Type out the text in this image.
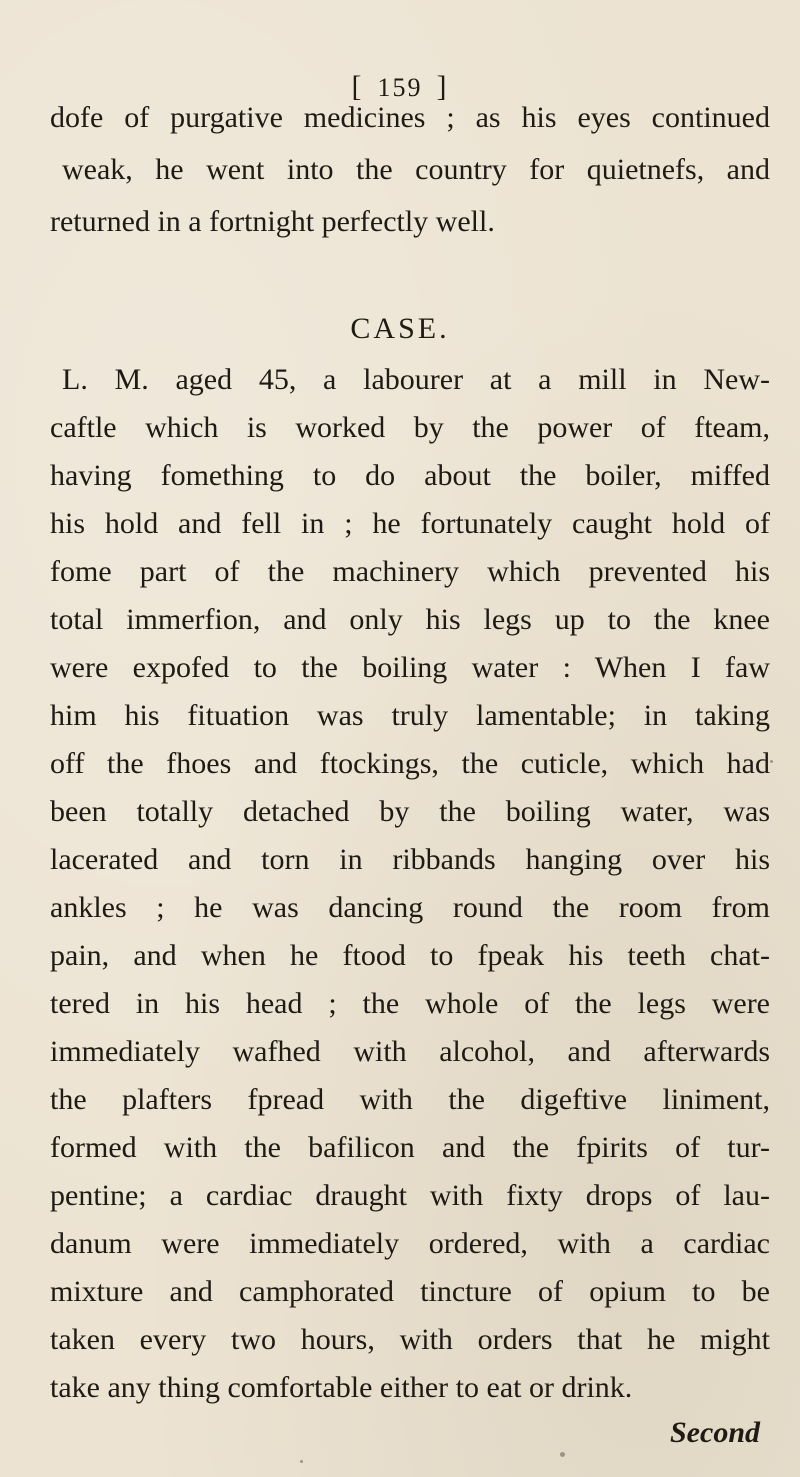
[ 159 ]
dofe of purgative medicines ; as his eyes continued
weak, he went into the country for quietnefs, and
returned in a fortnight perfectly well.
L. M. aged 45, a labourer at a mill in New-
caftle which is worked by the power of fteam,
having fomething to do about the boiler, miffed
his hold and fell in ; he fortunately caught hold of
fome part of the machinery which prevented his
total immerfion, and only his legs up to the knee
were expofed to the boiling water : When I faw
him his fituation was truly lamentable; in taking
off the fhoes and ftockings, the cuticle, which had
been totally detached by the boiling water, was
lacerated and torn in ribbands hanging over his
ankles ; he was dancing round the room from
pain, and when he ftood to fpeak his teeth chat-
tered in his head ; the whole of the legs were
immediately wafhed with alcohol, and afterwards
the plafters fpread with the digeftive liniment,
formed with the bafilicon and the fpirits of tur-
pentine; a cardiac draught with fixty drops of lau-
danum were immediately ordered, with a cardiac
mixture and camphorated tincture of opium to be
taken every two hours, with orders that he might
take any thing comfortable either to eat or drink.
CASE.
Second
